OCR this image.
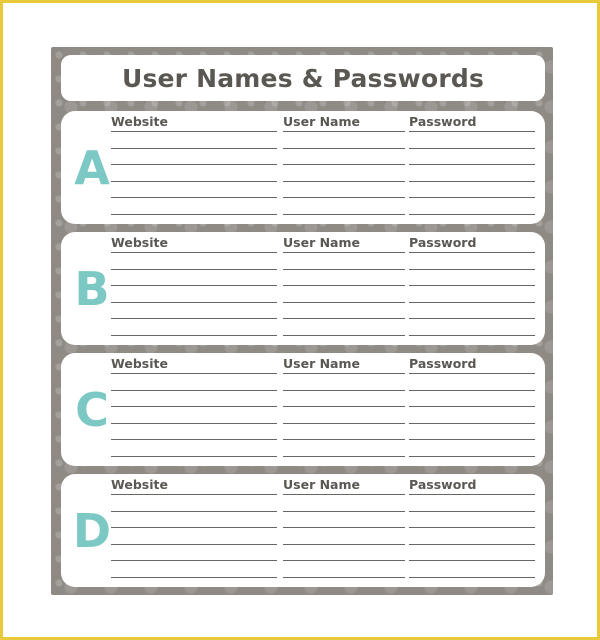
User Names & Passwords
A
Website	User Name	Password
B
Website	User Name	Password
C
Website	User Name	Password
D
Website	User Name	Password
